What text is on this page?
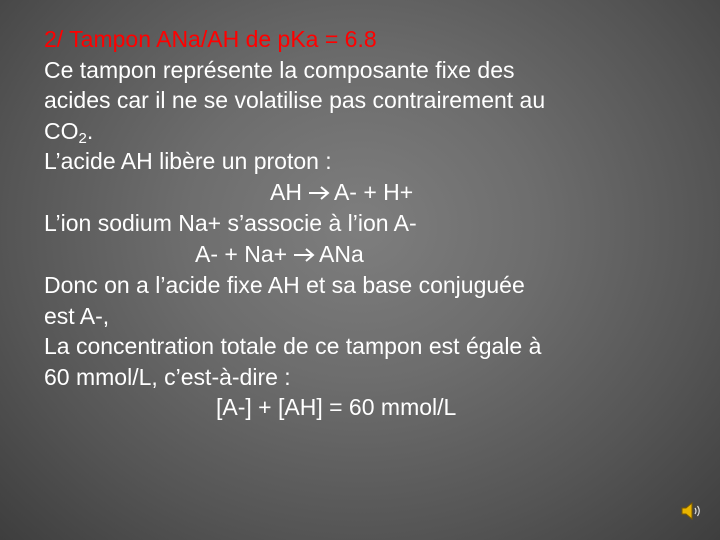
2/ Tampon ANa/AH de pKa = 6.8
Ce tampon représente la composante fixe des
acides car il ne se volatilise pas contrairement au
$CO_2$.
L’acide AH libère un proton :
AH A- + H+
L’ion sodium Na+ s’associe à l’ion A-
A- + Na+ ANa
Donc on a l’acide fixe AH et sa base conjuguée
est A-,
La concentration totale de ce tampon est égale à
60 mmol/L, c’est-à-dire :
[A-] + [AH] = 60 mmol/L
